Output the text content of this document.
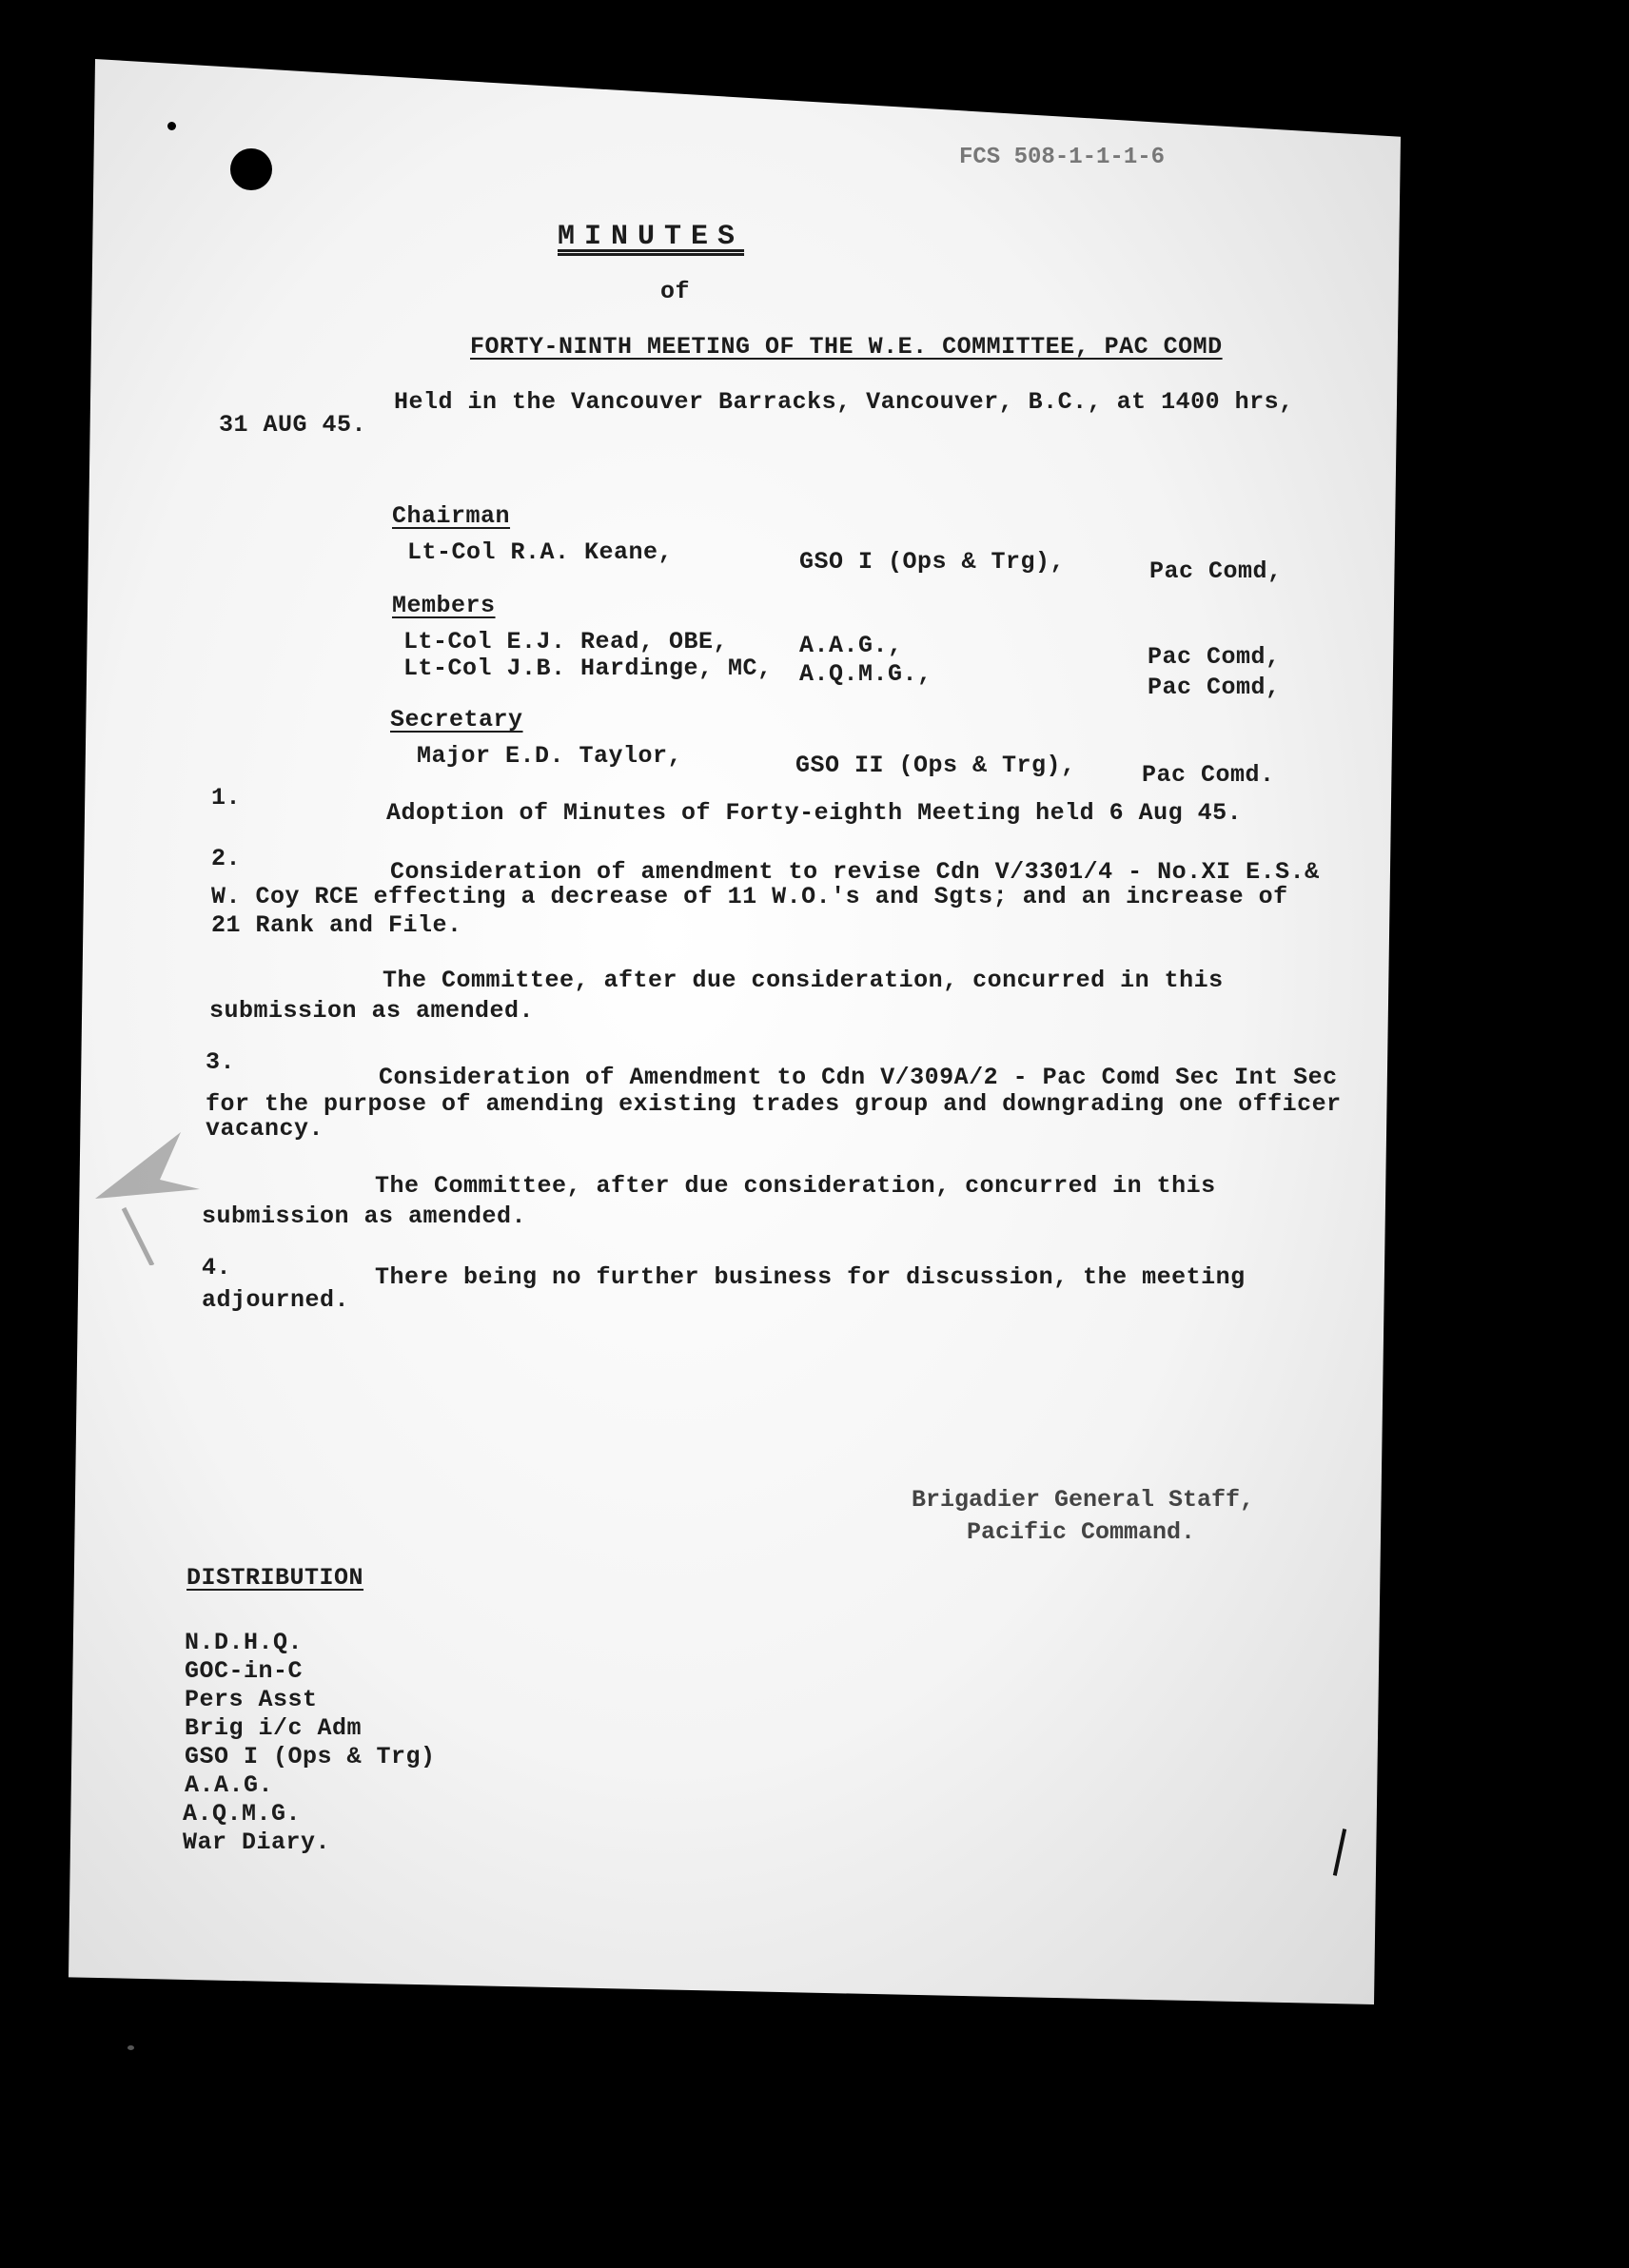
FCS 508-1-1-1-6
MINUTES
of
FORTY-NINTH MEETING OF THE W.E. COMMITTEE, PAC COMD
31 AUG 45.
Held in the Vancouver Barracks, Vancouver, B.C., at 1400 hrs,
Chairman
Lt-Col R.A. Keane,	GSO I (Ops & Trg),	Pac Comd,
Members
Lt-Col E.J. Read, OBE,	A.A.G.,	Pac Comd,
Lt-Col J.B. Hardinge, MC, A.Q.M.G.,	Pac Comd,
Secretary
Major E.D. Taylor,	GSO II (Ops & Trg),	Pac Comd.
1.
Adoption of Minutes of Forty-eighth Meeting held 6 Aug 45.
2.	Consideration of amendment to revise Cdn V/3301/4 - No.XI E.S.&
W. Coy RCE effecting a decrease of 11 W.O.'s and Sgts; and an increase of
21 Rank and File.
The Committee, after due consideration, concurred in this
submission as amended.
3.
Consideration of Amendment to Cdn V/309A/2 - Pac Comd Sec Int Sec
for the purpose of amending existing trades group and downgrading one officer
vacancy.
The Committee, after due consideration, concurred in this
submission as amended.
4.	There being no further business for discussion, the meeting
adjourned.
Brigadier General Staff,
Pacific Command.
DISTRIBUTION
N.D.H.Q.
GOC-in-C
Pers Asst
Brig i/c Adm
GSO I (Ops & Trg)
A.A.G.
A.Q.M.G.
War Diary.
